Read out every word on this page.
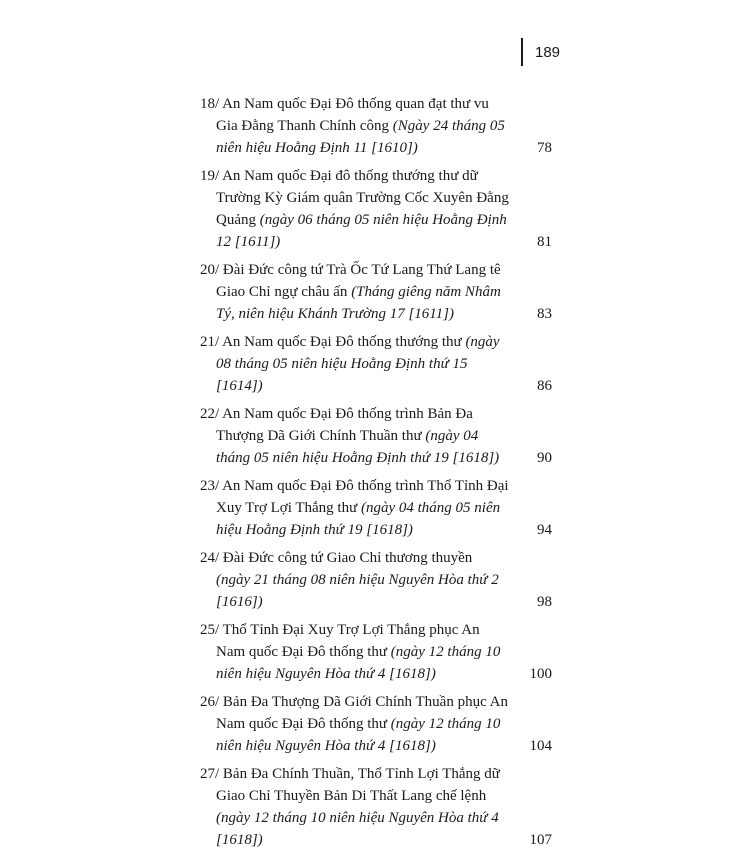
189
18/ An Nam quốc Đại Đô thống quan đạt thư vu Gia Đằng Thanh Chính công (Ngày 24 tháng 05 niên hiệu Hoằng Định 11 [1610])	78
19/ An Nam quốc Đại đô thống thướng thư dữ Trường Kỳ Giám quân Trường Cốc Xuyên Đằng Quảng (ngày 06 tháng 05 niên hiệu Hoằng Định 12 [1611])	81
20/ Đài Đức công tứ Trà Ốc Tứ Lang Thứ Lang tê Giao Chỉ ngự châu ấn (Tháng giêng năm Nhâm Tý, niên hiệu Khánh Trường 17 [1611])	83
21/ An Nam quốc Đại Đô thống thướng thư (ngày 08 tháng 05 niên hiệu Hoằng Định thứ 15 [1614])	86
22/ An Nam quốc Đại Đô thống trình Bản Đa Thượng Dã Giới Chính Thuần thư (ngày 04 tháng 05 niên hiệu Hoằng Định thứ 19 [1618])	90
23/ An Nam quốc Đại Đô thống trình Thổ Tỉnh Đại Xuy Trợ Lợi Thắng thư (ngày 04 tháng 05 niên hiệu Hoằng Định thứ 19 [1618])	94
24/ Đài Đức công tứ Giao Chỉ thương thuyền (ngày 21 tháng 08 niên hiệu Nguyên Hòa thứ 2 [1616])	98
25/ Thổ Tỉnh Đại Xuy Trợ Lợi Thắng phục An Nam quốc Đại Đô thống thư (ngày 12 tháng 10 niên hiệu Nguyên Hòa thứ 4 [1618])	100
26/ Bản Đa Thượng Dã Giới Chính Thuần phục An Nam quốc Đại Đô thống thư (ngày 12 tháng 10 niên hiệu Nguyên Hòa thứ 4 [1618])	104
27/ Bản Đa Chính Thuần, Thổ Tỉnh Lợi Thắng dữ Giao Chỉ Thuyền Bản Di Thất Lang chế lệnh (ngày 12 tháng 10 niên hiệu Nguyên Hòa thứ 4 [1618])	107
